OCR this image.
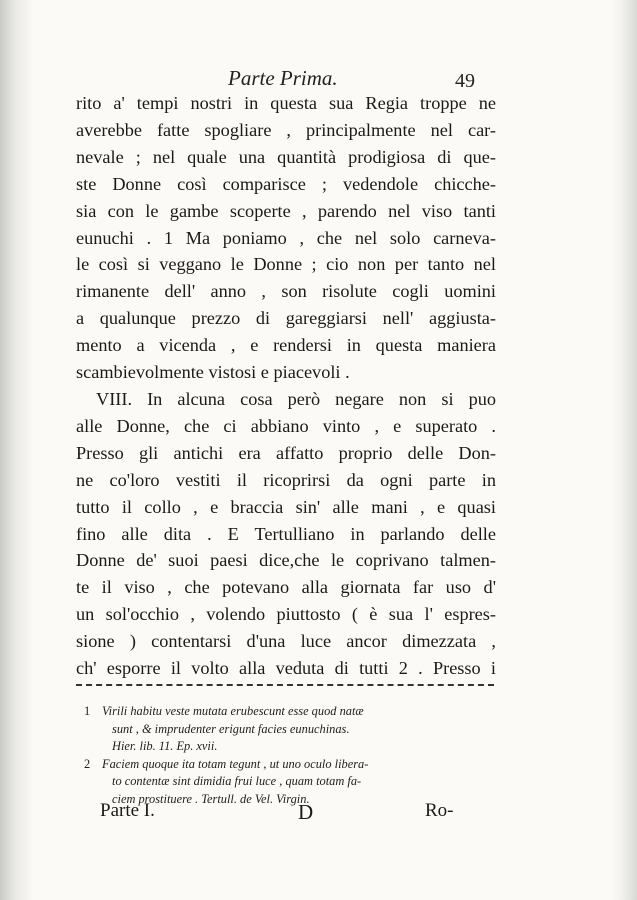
Parte Prima.	49
rito a' tempi nostri in questa sua Regia troppe ne
averebbe fatte spogliare , principalmente nel car-
nevale ; nel quale una quantità prodigiosa di que-
ste Donne così comparisce ; vedendole chicche-
sia con le gambe scoperte , parendo nel viso tanti
eunuchi . 1 Ma poniamo , che nel solo carneva-
le così si veggano le Donne ; cio non per tanto nel
rimanente dell' anno , son risolute cogli uomini
a qualunque prezzo di gareggiarsi nell' aggiusta-
mento a vicenda , e rendersi in questa maniera
scambievolmente vistosi e piacevoli .
VIII. In alcuna cosa però negare non si puo
alle Donne, che ci abbiano vinto , e superato .
Presso gli antichi era affatto proprio delle Don-
ne co'loro vestiti il ricoprirsi da ogni parte in
tutto il collo , e braccia sin' alle mani , e quasi
fino alle dita . E Tertulliano in parlando delle
Donne de' suoi paesi dice,che le coprivano talmen-
te il viso , che potevano alla giornata far uso d'
un sol'occhio , volendo piuttosto ( è sua l' espres-
sione ) contentarsi d'una luce ancor dimezzata ,
ch' esporre il volto alla veduta di tutti 2 . Presso i
1 Virili habitu veste mutata erubescunt esse quod natæ
sunt , & imprudenter erigunt facies eunuchinas.
Hier. lib. 11. Ep. xvii.
2 Faciem quoque ita totam tegunt , ut uno oculo libera-
to contentæ sint dimidia frui luce , quam totam fa-
ciem prostituere . Tertull. de Vel. Virgin.
Parte I.	D	Ro-
